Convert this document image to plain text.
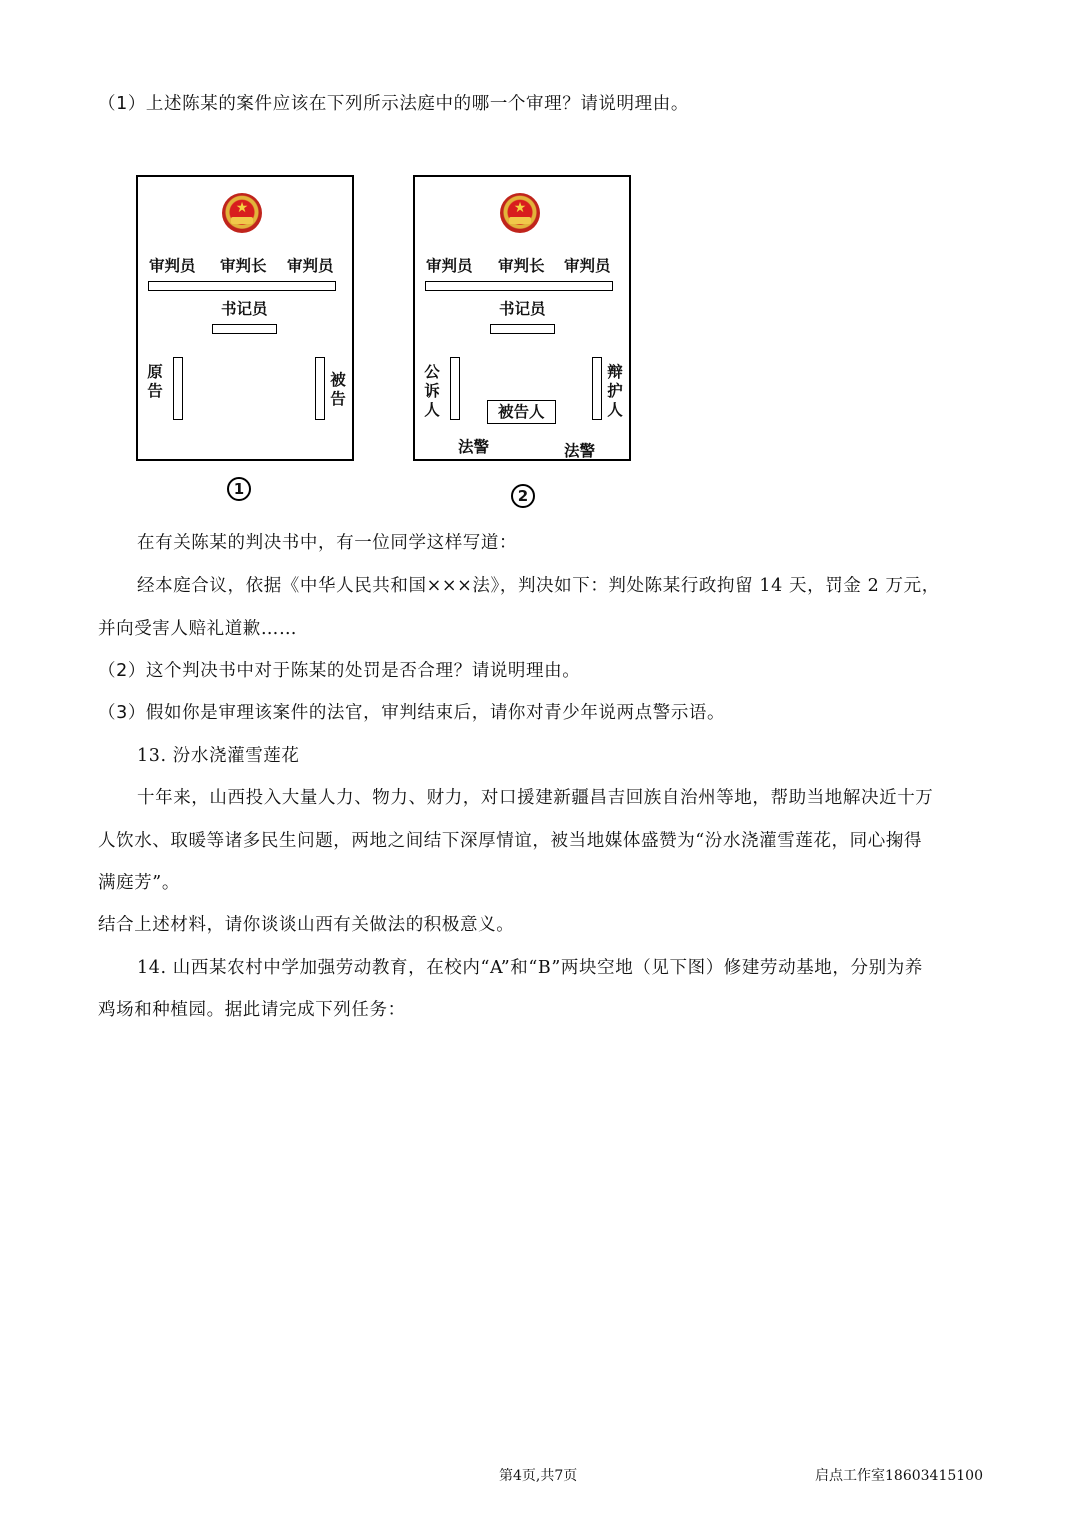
（1）上述陈某的案件应该在下列所示法庭中的哪一个审理？请说明理由。
★
审判员 审判长 审判员
书记员
原告
被告
1
★
审判员 审判长 审判员
书记员
公诉人	被告人
辩护人
法警	法警
2
在有关陈某的判决书中，有一位同学这样写道：
经本庭合议，依据《中华人民共和国×××法》，判决如下：判处陈某行政拘留 14 天，罚金 2 万元，
并向受害人赔礼道歉……
（2）这个判决书中对于陈某的处罚是否合理？请说明理由。
（3）假如你是审理该案件的法官，审判结束后，请你对青少年说两点警示语。
13. 汾水浇灌雪莲花
十年来，山西投入大量人力、物力、财力，对口援建新疆昌吉回族自治州等地，帮助当地解决近十万
人饮水、取暖等诸多民生问题，两地之间结下深厚情谊，被当地媒体盛赞为“汾水浇灌雪莲花，同心掬得
满庭芳”。
结合上述材料，请你谈谈山西有关做法的积极意义。
14. 山西某农村中学加强劳动教育，在校内“A”和“B”两块空地（见下图）修建劳动基地，分别为养
鸡场和种植园。据此请完成下列任务：
第4页,共7页	启点工作室18603415100
